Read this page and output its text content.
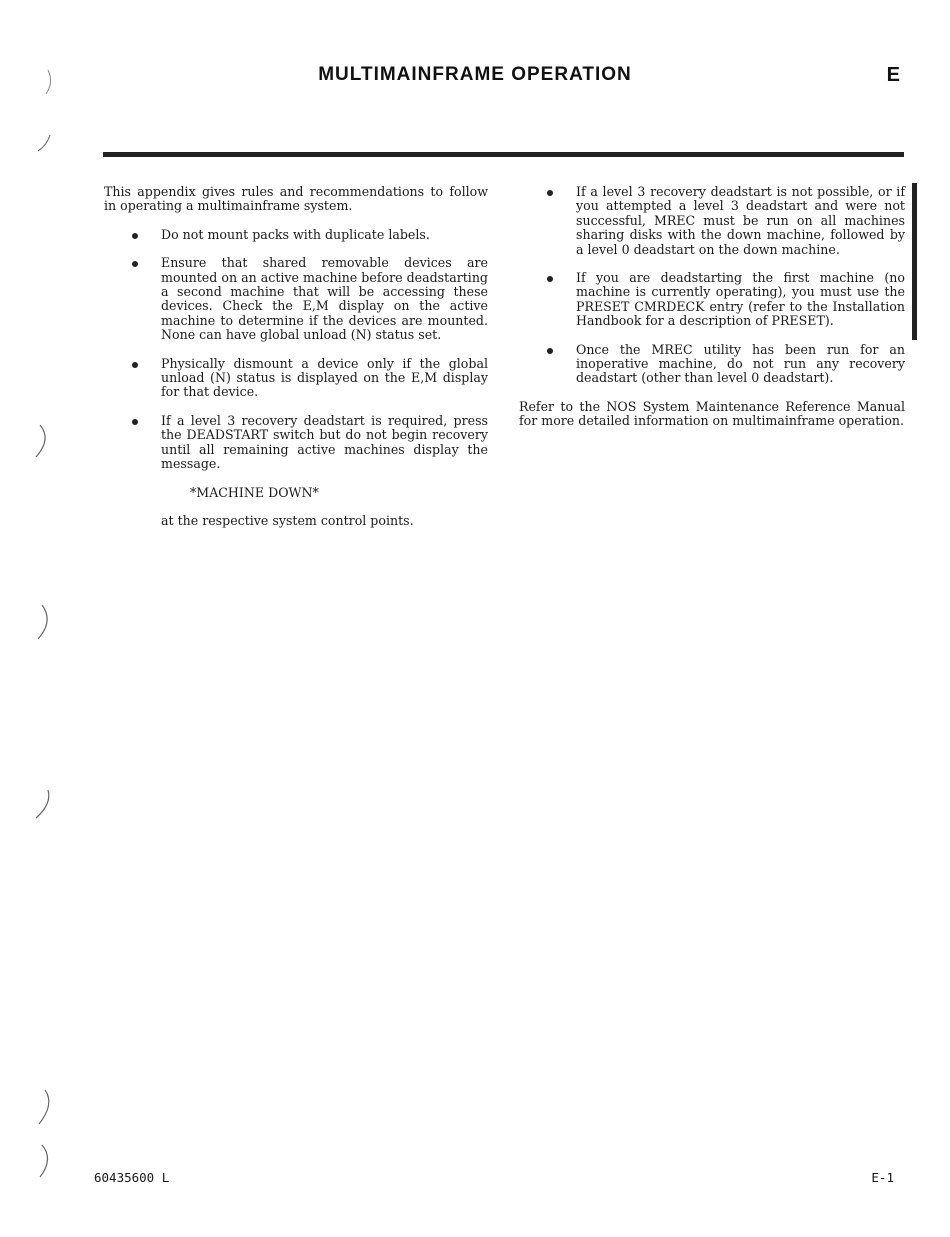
MULTIMAINFRAME OPERATION	E

This appendix gives rules and recommendations to follow in operating a multimainframe system.

Do not mount packs with duplicate labels.
Ensure that shared removable devices are mounted on an active machine before deadstarting a second machine that will be accessing these devices. Check the E,M display on the active machine to determine if the devices are mounted. None can have global unload (N) status set.
Physically dismount a device only if the global unload (N) status is displayed on the E,M display for that device.
If a level 3 recovery deadstart is required, press the DEADSTART switch but do not begin recovery until all remaining active machines display the message.

*MACHINE DOWN*

at the respective system control points.

If a level 3 recovery deadstart is not possible, or if you attempted a level 3 deadstart and were not successful, MREC must be run on all machines sharing disks with the down machine, followed by a level 0 deadstart on the down machine.
If you are deadstarting the first machine (no machine is currently operating), you must use the PRESET CMRDECK entry (refer to the Installation Handbook for a description of PRESET).
Once the MREC utility has been run for an inoperative machine, do not run any recovery deadstart (other than level 0 deadstart).

Refer to the NOS System Maintenance Reference Manual for more detailed information on multimainframe operation.

60435600 L	E-1
